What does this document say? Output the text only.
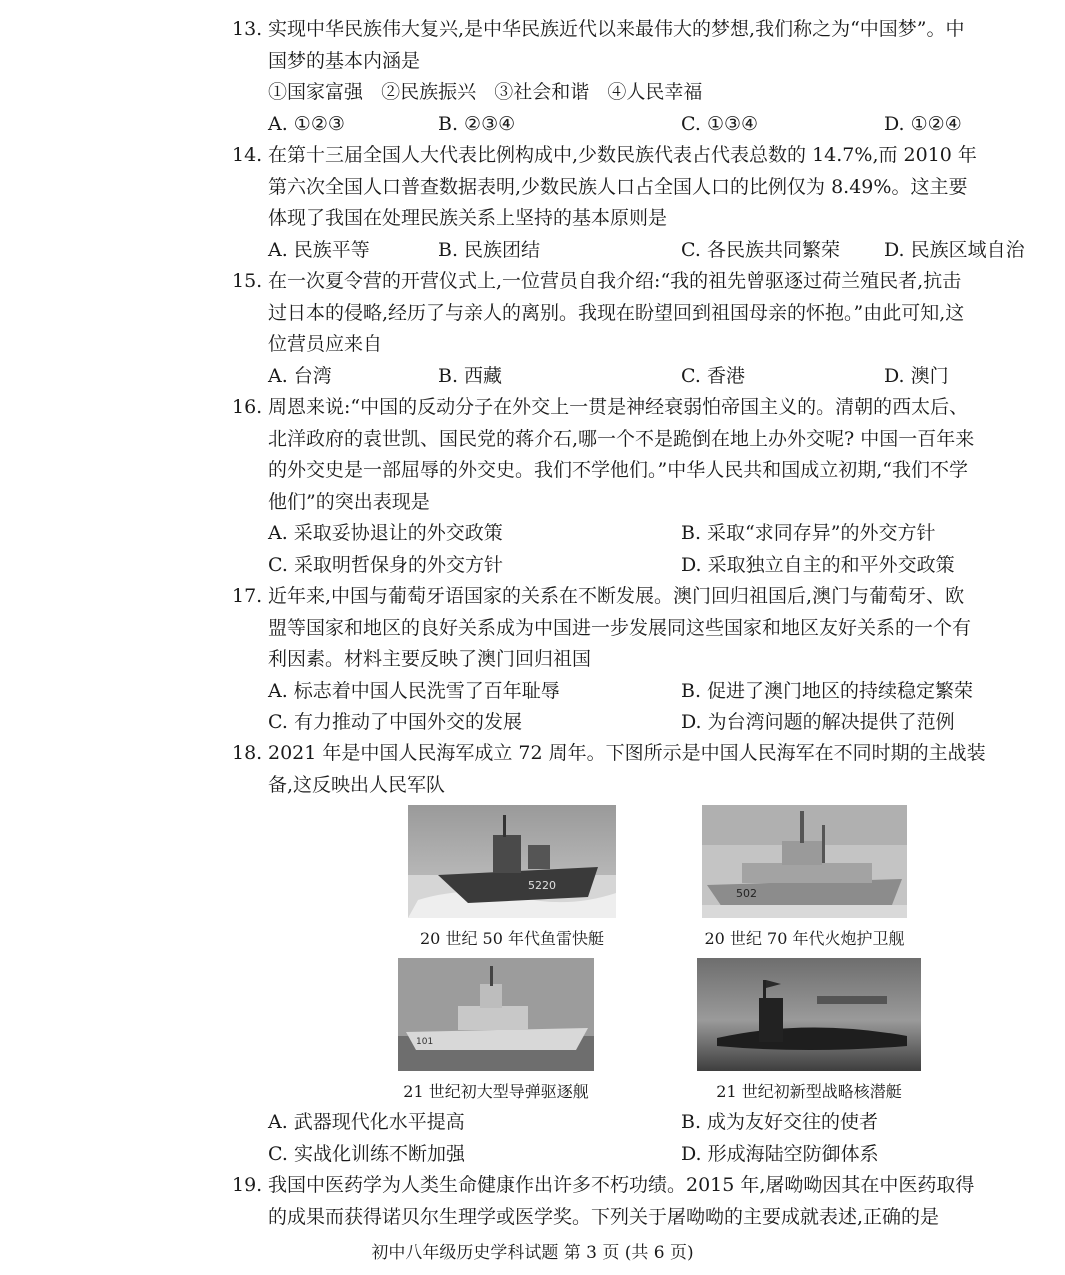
13. 实现中华民族伟大复兴,是中华民族近代以来最伟大的梦想,我们称之为“中国梦”。中
国梦的基本内涵是
①国家富强   ②民族振兴   ③社会和谐   ④人民幸福
A. ①②③	B. ②③④	C. ①③④	D. ①②④
14. 在第十三届全国人大代表比例构成中,少数民族代表占代表总数的 14.7%,而 2010 年
第六次全国人口普查数据表明,少数民族人口占全国人口的比例仅为 8.49%。这主要
体现了我国在处理民族关系上坚持的基本原则是
A. 民族平等	B. 民族团结	C. 各民族共同繁荣 D. 民族区域自治
15. 在一次夏令营的开营仪式上,一位营员自我介绍:“我的祖先曾驱逐过荷兰殖民者,抗击
过日本的侵略,经历了与亲人的离别。我现在盼望回到祖国母亲的怀抱。”由此可知,这
位营员应来自
A. 台湾	B. 西藏	C. 香港	D. 澳门
16. 周恩来说:“中国的反动分子在外交上一贯是神经衰弱怕帝国主义的。清朝的西太后、
北洋政府的袁世凯、国民党的蒋介石,哪一个不是跪倒在地上办外交呢? 中国一百年来
的外交史是一部屈辱的外交史。我们不学他们。”中华人民共和国成立初期,“我们不学
他们”的突出表现是
A. 采取妥协退让的外交政策	B. 采取“求同存异”的外交方针
C. 采取明哲保身的外交方针	D. 采取独立自主的和平外交政策
17. 近年来,中国与葡萄牙语国家的关系在不断发展。澳门回归祖国后,澳门与葡萄牙、欧
盟等国家和地区的良好关系成为中国进一步发展同这些国家和地区友好关系的一个有
利因素。材料主要反映了澳门回归祖国
A. 标志着中国人民洗雪了百年耻辱	B. 促进了澳门地区的持续稳定繁荣
C. 有力推动了中国外交的发展	D. 为台湾问题的解决提供了范例
18. 2021 年是中国人民海军成立 72 周年。下图所示是中国人民海军在不同时期的主战装
备,这反映出人民军队
5220
20 世纪 50 年代鱼雷快艇
502
20 世纪 70 年代火炮护卫舰
101
21 世纪初大型导弹驱逐舰	21 世纪初新型战略核潜艇
A. 武器现代化水平提高	B. 成为友好交往的使者
C. 实战化训练不断加强	D. 形成海陆空防御体系
19. 我国中医药学为人类生命健康作出许多不朽功绩。2015 年,屠呦呦因其在中医药取得
的成果而获得诺贝尔生理学或医学奖。下列关于屠呦呦的主要成就表述,正确的是
初中八年级历史学科试题 第 3 页 (共 6 页)
